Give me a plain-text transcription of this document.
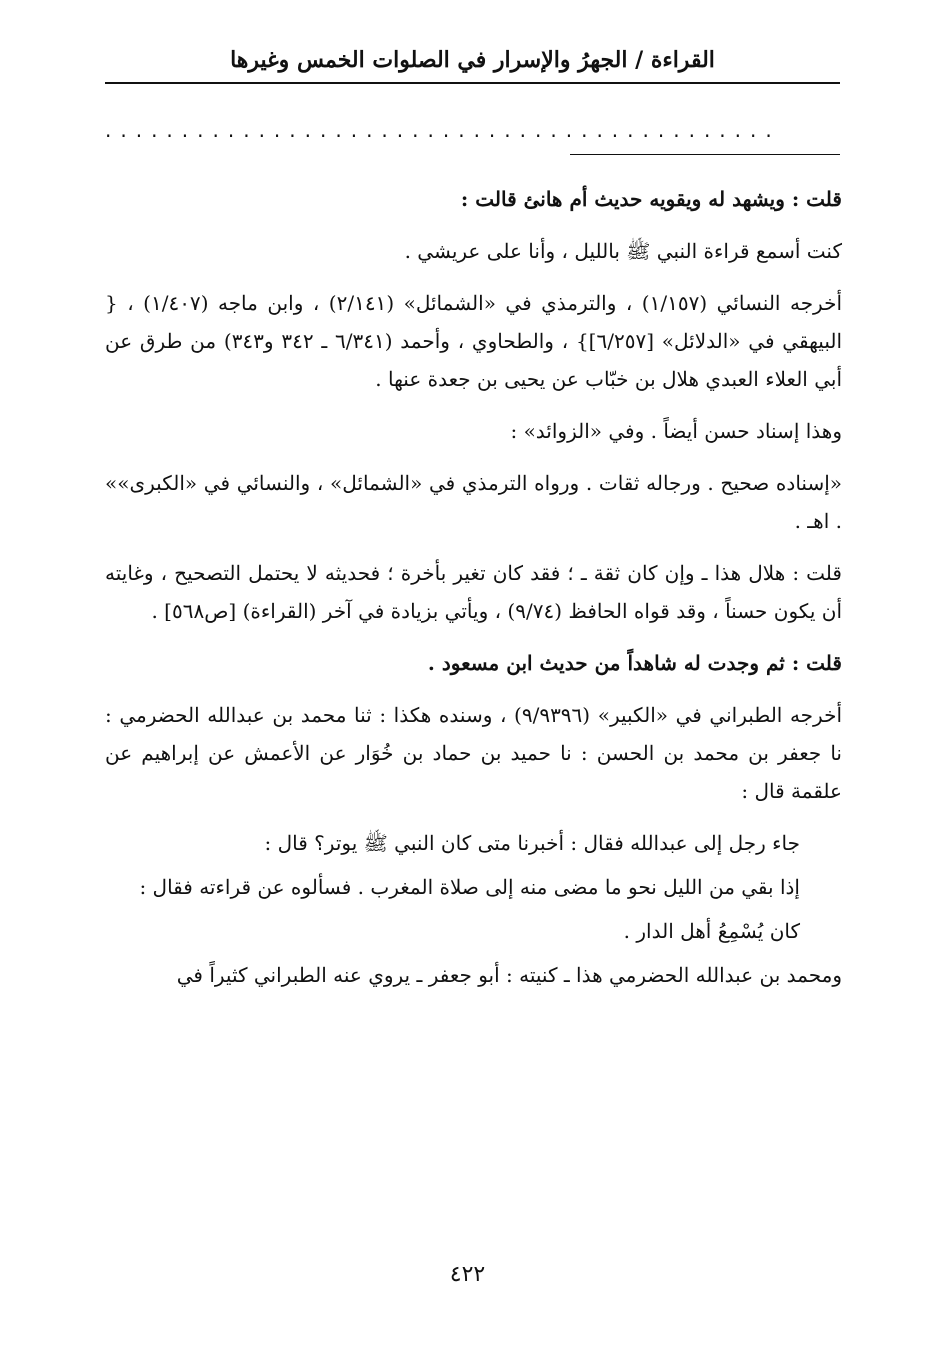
القراءة / الجهرُ والإسرار في الصلوات الخمس وغيرها
............................................

قلت : ويشهد له ويقويه حديث أم هانئ قالت :

كنت أسمع قراءة النبي ﷺ بالليل ، وأنا على عريشي .

أخرجه النسائي (١/١٥٧) ، والترمذي في «الشمائل» (٢/١٤١) ، وابن ماجه (١/٤٠٧) ، { البيهقي في «الدلائل» [٦/٢٥٧]} ، والطحاوي ، وأحمد (٦/٣٤١ ـ ٣٤٢ و٣٤٣) من طرق عن أبي العلاء العبدي هلال بن خبّاب عن يحيى بن جعدة عنها .

وهذا إسناد حسن أيضاً . وفي «الزوائد» :

«إسناده صحيح . ورجاله ثقات . ورواه الترمذي في «الشمائل» ، والنسائي في «الكبرى»» . اهـ .

قلت : هلال هذا ـ وإن كان ثقة ـ ؛ فقد كان تغير بأخرة ؛ فحديثه لا يحتمل التصحيح ، وغايته أن يكون حسناً ، وقد قواه الحافظ (٩/٧٤) ، ويأتي بزيادة في آخر (القراءة) [ص٥٦٨] .

قلت : ثم وجدت له شاهداً من حديث ابن مسعود .

أخرجه الطبراني في «الكبير» (٩/٩٣٩٦) ، وسنده هكذا : ثنا محمد بن عبدالله الحضرمي : نا جعفر بن محمد بن الحسن : نا حميد بن حماد بن خُوَار عن الأعمش عن إبراهيم عن علقمة قال :

جاء رجل إلى عبدالله فقال : أخبرنا متى كان النبي ﷺ يوتر؟ قال :

إذا بقي من الليل نحو ما مضى منه إلى صلاة المغرب . فسألوه عن قراءته فقال :

كان يُسْمِعُ أهل الدار .

ومحمد بن عبدالله الحضرمي هذا ـ كنيته : أبو جعفر ـ يروي عنه الطبراني كثيراً في

٤٢٢
